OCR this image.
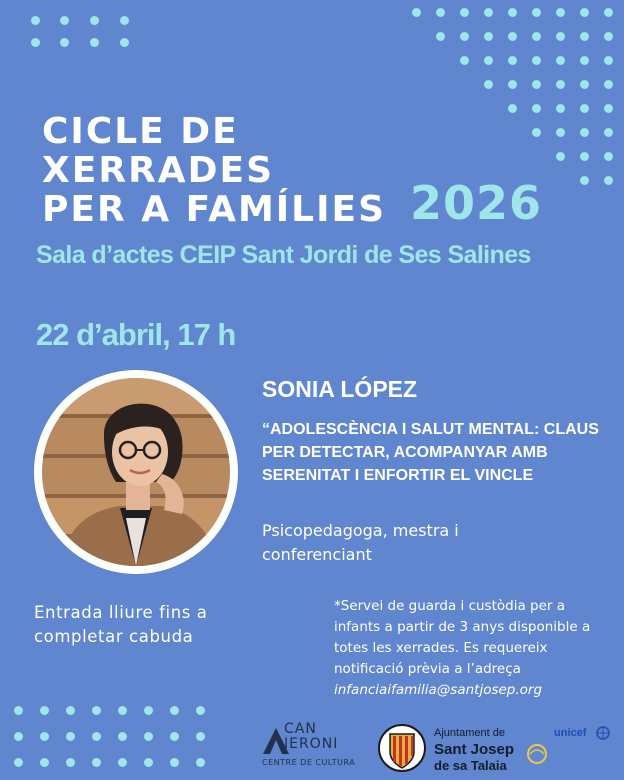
CICLE DE
XERRADES
PER A FAMÍLIES 2026
Sala d’actes CEIP Sant Jordi de Ses Salines
22 d’abril, 17 h
SONIA LÓPEZ

“ADOLESCÈNCIA I SALUT MENTAL: CLAUS PER DETECTAR, ACOMPANYAR AMB SERENITAT I ENFORTIR EL VINCLE

Psicopedagoga, mestra i
conferenciant
Entrada lliure fins a
completar cabuda
*Servei de guarda i custòdia per a
infants a partir de 3 anys disponible a
totes les xerrades. Es requereix
notificació prèvia a l’adreça
infanciaifamilia@santjosep.org
CAN
JERONI
CENTRE DE CULTURA
Ajuntament de
Sant Josep
de sa Talaia
unicef
